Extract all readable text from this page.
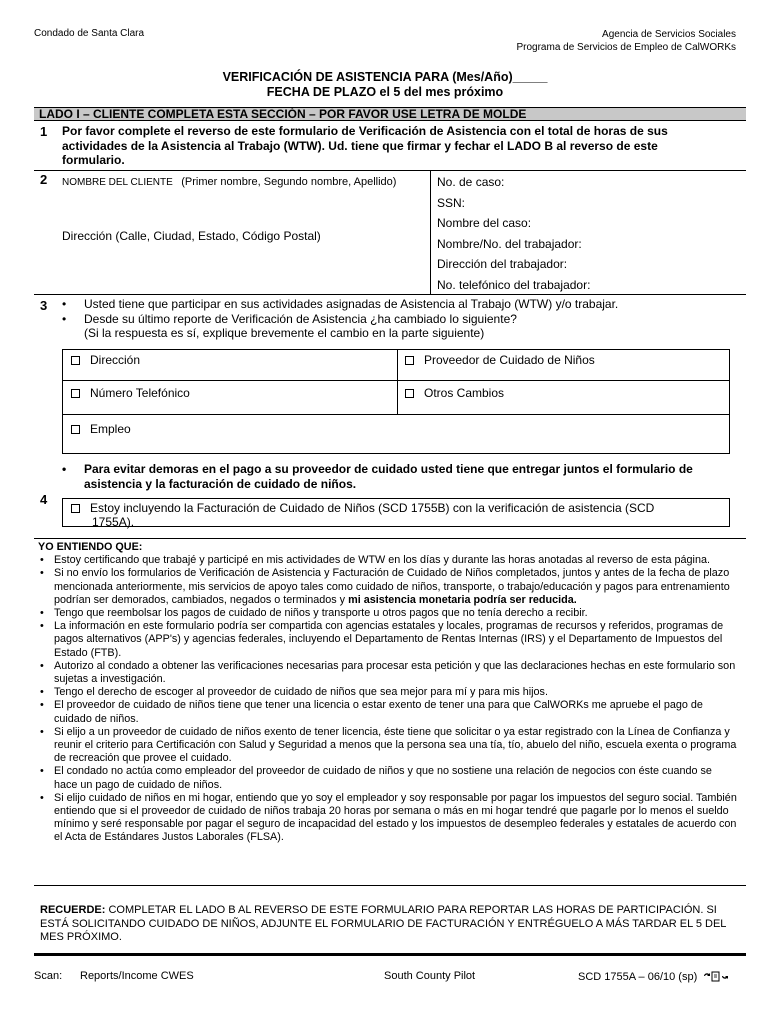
Condado de Santa Clara	Agencia de Servicios Sociales
Programa de Servicios de Empleo de CalWORKs
VERIFICACIÓN DE ASISTENCIA PARA (Mes/Año)_____
FECHA DE PLAZO el 5 del mes próximo
LADO I – CLIENTE COMPLETA ESTA SECCIÓN – POR FAVOR USE LETRA DE MOLDE
1 Por favor complete el reverso de este formulario de Verificación de Asistencia con el total de horas de sus actividades de la Asistencia al Trabajo (WTW). Ud. tiene que firmar y fechar el LADO B al reverso de este formulario.
2 NOMBRE DEL CLIENTE (Primer nombre, Segundo nombre, Apellido)
Dirección (Calle, Ciudad, Estado, Código Postal)
No. de caso:
SSN:
Nombre del caso:
Nombre/No. del trabajador:
Dirección del trabajador:
No. telefónico del trabajador:
3 • Usted tiene que participar en sus actividades asignadas de Asistencia al Trabajo (WTW) y/o trabajar.
• Desde su último reporte de Verificación de Asistencia ¿ha cambiado lo siguiente?
(Si la respuesta es sí, explique brevemente el cambio en la parte siguiente)
Dirección	Proveedor de Cuidado de Niños
Número Telefónico	Otros Cambios
Empleo
4
•	Para evitar demoras en el pago a su proveedor de cuidado usted tiene que entregar juntos el formulario de asistencia y la facturación de cuidado de niños.
Estoy incluyendo la Facturación de Cuidado de Niños (SCD 1755B) con la verificación de asistencia (SCD
1755A).
YO ENTIENDO QUE:
• Estoy certificando que trabajé y participé en mis actividades de WTW en los días y durante las horas anotadas al reverso de esta página.
• Si no envío los formularios de Verificación de Asistencia y Facturación de Cuidado de Niños completados, juntos y antes de la fecha de plazo mencionada anteriormente, mis servicios de apoyo tales como cuidado de niños, transporte, o trabajo/educación y pagos para entrenamiento podrían ser demorados, cambiados, negados o terminados y mi asistencia monetaria podría ser reducida.
• Tengo que reembolsar los pagos de cuidado de niños y transporte u otros pagos que no tenía derecho a recibir.
• La información en este formulario podría ser compartida con agencias estatales y locales, programas de recursos y referidos, programas de pagos alternativos (APP's) y agencias federales, incluyendo el Departamento de Rentas Internas (IRS) y el Departamento de Impuestos del Estado (FTB).
• Autorizo al condado a obtener las verificaciones necesarias para procesar esta petición y que las declaraciones hechas en este formulario son sujetas a investigación.
• Tengo el derecho de escoger al proveedor de cuidado de niños que sea mejor para mí y para mis hijos.
• El proveedor de cuidado de niños tiene que tener una licencia o estar exento de tener una para que CalWORKs me apruebe el pago de cuidado de niños.
• Si elijo a un proveedor de cuidado de niños exento de tener licencia, éste tiene que solicitar o ya estar registrado con la Línea de Confianza y reunir el criterio para Certificación con Salud y Seguridad a menos que la persona sea una tía, tío, abuelo del niño, escuela exenta o programa de recreación que provee el cuidado.
• El condado no actúa como empleador del proveedor de cuidado de niños y que no sostiene una relación de negocios con éste cuando se hace un pago de cuidado de niños.
• Si elijo cuidado de niños en mi hogar, entiendo que yo soy el empleador y soy responsable por pagar los impuestos del seguro social. También entiendo que si el proveedor de cuidado de niños trabaja 20 horas por semana o más en mi hogar tendré que pagarle por lo menos el sueldo mínimo y seré responsable por pagar el seguro de incapacidad del estado y los impuestos de desempleo federales y estatales de acuerdo con el Acta de Estándares Justos Laborales (FLSA).
RECUERDE: COMPLETAR EL LADO B AL REVERSO DE ESTE FORMULARIO PARA REPORTAR LAS HORAS DE PARTICIPACIÓN. SI ESTÁ SOLICITANDO CUIDADO DE NIÑOS, ADJUNTE EL FORMULARIO DE FACTURACIÓN Y ENTRÉGUELO A MÁS TARDAR EL 5 DEL MES PRÓXIMO.
Scan: Reports/Income CWES	South County Pilot	SCD 1755A – 06/10 (sp)
